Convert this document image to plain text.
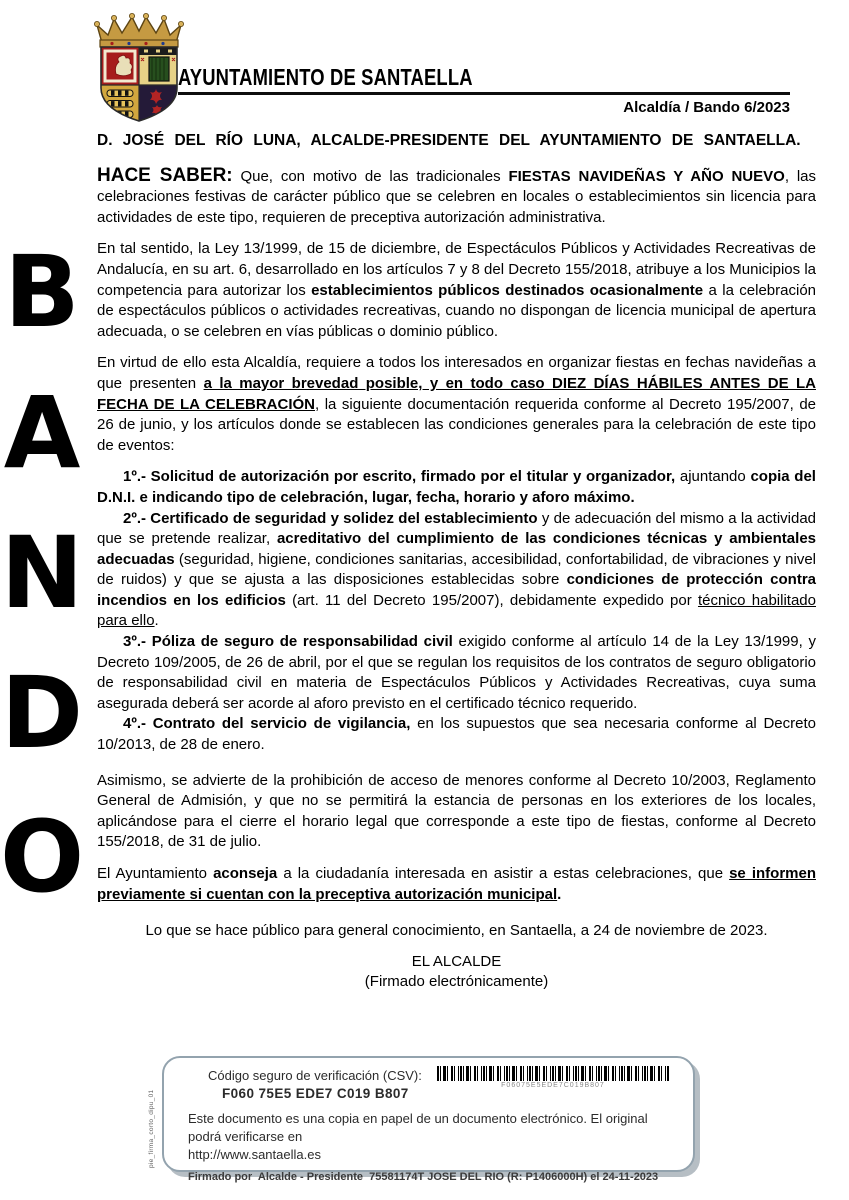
AYUNTAMIENTO DE SANTAELLA
Alcaldía / Bando 6/2023
B
A
N
D
O

D. JOSÉ DEL RÍO LUNA, ALCALDE-PRESIDENTE DEL AYUNTAMIENTO DE SANTAELLA.

HACE SABER: Que, con motivo de las tradicionales FIESTAS NAVIDEÑAS Y AÑO NUEVO, las celebraciones festivas de carácter público que se celebren en locales o establecimientos sin licencia para actividades de este tipo, requieren de preceptiva autorización administrativa.

En tal sentido, la Ley 13/1999, de 15 de diciembre, de Espectáculos Públicos y Actividades Recreativas de Andalucía, en su art. 6, desarrollado en los artículos 7 y 8 del Decreto 155/2018, atribuye a los Municipios la competencia para autorizar los establecimientos públicos destinados ocasionalmente a la celebración de espectáculos públicos o actividades recreativas, cuando no dispongan de licencia municipal de apertura adecuada, o se celebren en vías públicas o dominio público.

En virtud de ello esta Alcaldía, requiere a todos los interesados en organizar fiestas en fechas navideñas a que presenten a la mayor brevedad posible, y en todo caso DIEZ DÍAS HÁBILES ANTES DE LA FECHA DE LA CELEBRACIÓN, la siguiente documentación requerida conforme al Decreto 195/2007, de 26 de junio, y los artículos donde se establecen las condiciones generales para la celebración de este tipo de eventos:

1º.- Solicitud de autorización por escrito, firmado por el titular y organizador, ajuntando copia del D.N.I. e indicando tipo de celebración, lugar, fecha, horario y aforo máximo.

2º.- Certificado de seguridad y solidez del establecimiento y de adecuación del mismo a la actividad que se pretende realizar, acreditativo del cumplimiento de las condiciones técnicas y ambientales adecuadas (seguridad, higiene, condiciones sanitarias, accesibilidad, confortabilidad, de vibraciones y nivel de ruidos) y que se ajusta a las disposiciones establecidas sobre condiciones de protección contra incendios en los edificios (art. 11 del Decreto 195/2007), debidamente expedido por técnico habilitado para ello.

3º.- Póliza de seguro de responsabilidad civil exigido conforme al artículo 14 de la Ley 13/1999, y Decreto 109/2005, de 26 de abril, por el que se regulan los requisitos de los contratos de seguro obligatorio de responsabilidad civil en materia de Espectáculos Públicos y Actividades Recreativas, cuya suma asegurada deberá ser acorde al aforo previsto en el certificado técnico requerido.

4º.- Contrato del servicio de vigilancia, en los supuestos que sea necesaria conforme al Decreto 10/2013, de 28 de enero.

Asimismo, se advierte de la prohibición de acceso de menores conforme al Decreto 10/2003, Reglamento General de Admisión, y que no se permitirá la estancia de personas en los exteriores de los locales, aplicándose para el cierre el horario legal que corresponde a este tipo de fiestas, conforme al Decreto 155/2018, de 31 de julio.

El Ayuntamiento aconseja a la ciudadanía interesada en asistir a estas celebraciones, que se informen previamente si cuentan con la preceptiva autorización municipal.

Lo que se hace público para general conocimiento, en Santaella, a 24 de noviembre de 2023.

EL ALCALDE

(Firmado electrónicamente)

Código seguro de verificación (CSV):
F060 75E5 EDE7 C019 B807
F06075E5EDE7C019B807
Este documento es una copia en papel de un documento electrónico. El original podrá verificarse en
http://www.santaella.es
Firmado por  Alcalde - Presidente  75581174T JOSE DEL RIO (R: P1406000H) el 24-11-2023
pie_firma_corto_dipu_01
